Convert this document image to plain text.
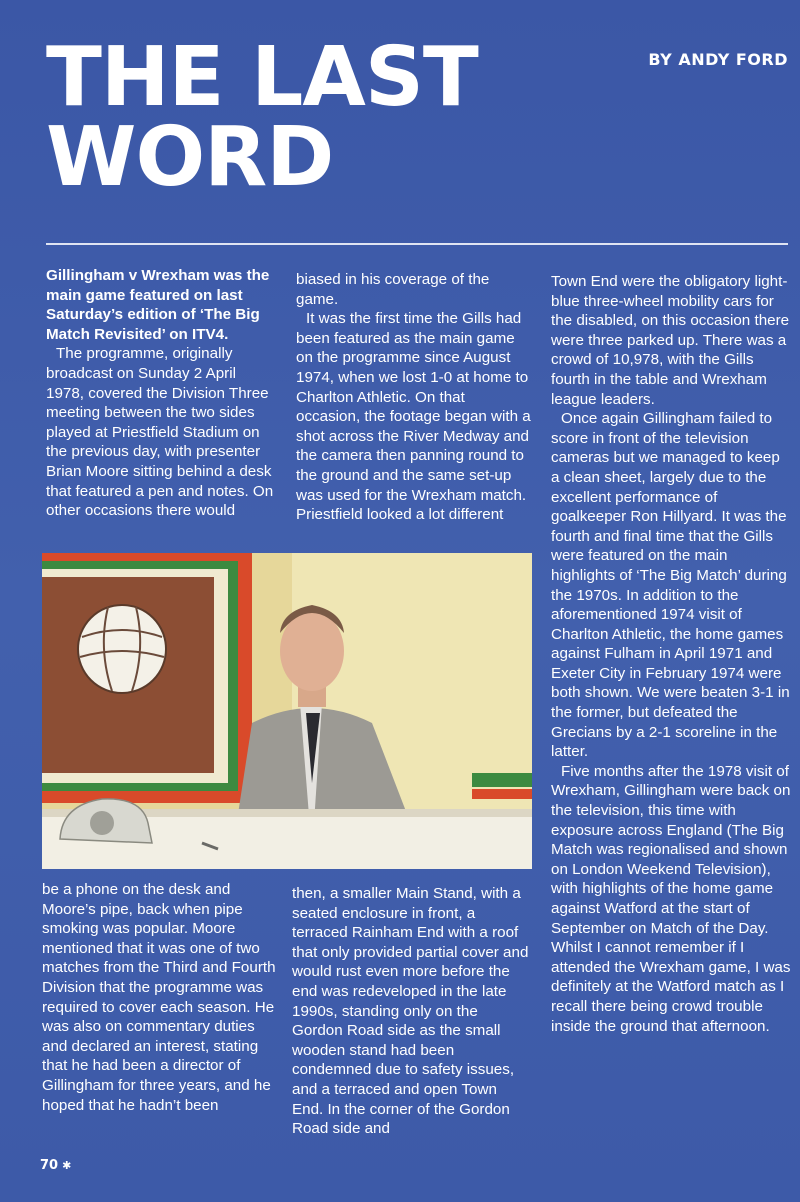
THE LAST
WORD
BY ANDY FORD

Gillingham v Wrexham was the main game featured on last Saturday’s edition of ‘The Big Match Revisited’ on ITV4.

The programme, originally broadcast on Sunday 2 April 1978, covered the Division Three meeting between the two sides played at Priestfield Stadium on the previous day, with presenter Brian Moore sitting behind a desk that featured a pen and notes. On other occasions there would

biased in his coverage of the game.

It was the first time the Gills had been featured as the main game on the programme since August 1974, when we lost 1-0 at home to Charlton Athletic. On that occasion, the footage began with a shot across the River Medway and the camera then panning round to the ground and the same set-up was used for the Wrexham match. Priestfield looked a lot different

Town End were the obligatory light-blue three-wheel mobility cars for the disabled, on this occasion there were three parked up. There was a crowd of 10,978, with the Gills fourth in the table and Wrexham league leaders.

Once again Gillingham failed to score in front of the television cameras but we managed to keep a clean sheet, largely due to the excellent performance of goalkeeper Ron Hillyard. It was the fourth and final time that the Gills were featured on the main highlights of ‘The Big Match’ during the 1970s. In addition to the aforementioned 1974 visit of Charlton Athletic, the home games against Fulham in April 1971 and Exeter City in February 1974 were both shown. We were beaten 3-1 in the former, but defeated the Grecians by a 2-1 scoreline in the latter.

Five months after the 1978 visit of Wrexham, Gillingham were back on the television, this time with exposure across England (The Big Match was regionalised and shown on London Weekend Television), with highlights of the home game against Watford at the start of September on Match of the Day. Whilst I cannot remember if I attended the Wrexham game, I was definitely at the Watford match as I recall there being crowd trouble inside the ground that afternoon.

be a phone on the desk and Moore’s pipe, back when pipe smoking was popular. Moore mentioned that it was one of two matches from the Third and Fourth Division that the programme was required to cover each season. He was also on commentary duties and declared an interest, stating that he had been a director of Gillingham for three years, and he hoped that he hadn’t been

then, a smaller Main Stand, with a seated enclosure in front, a terraced Rainham End with a roof that only provided partial cover and would rust even more before the end was redeveloped in the late 1990s, standing only on the Gordon Road side as the small wooden stand had been condemned due to safety issues, and a terraced and open Town End. In the corner of the Gordon Road side and

70 ✱
